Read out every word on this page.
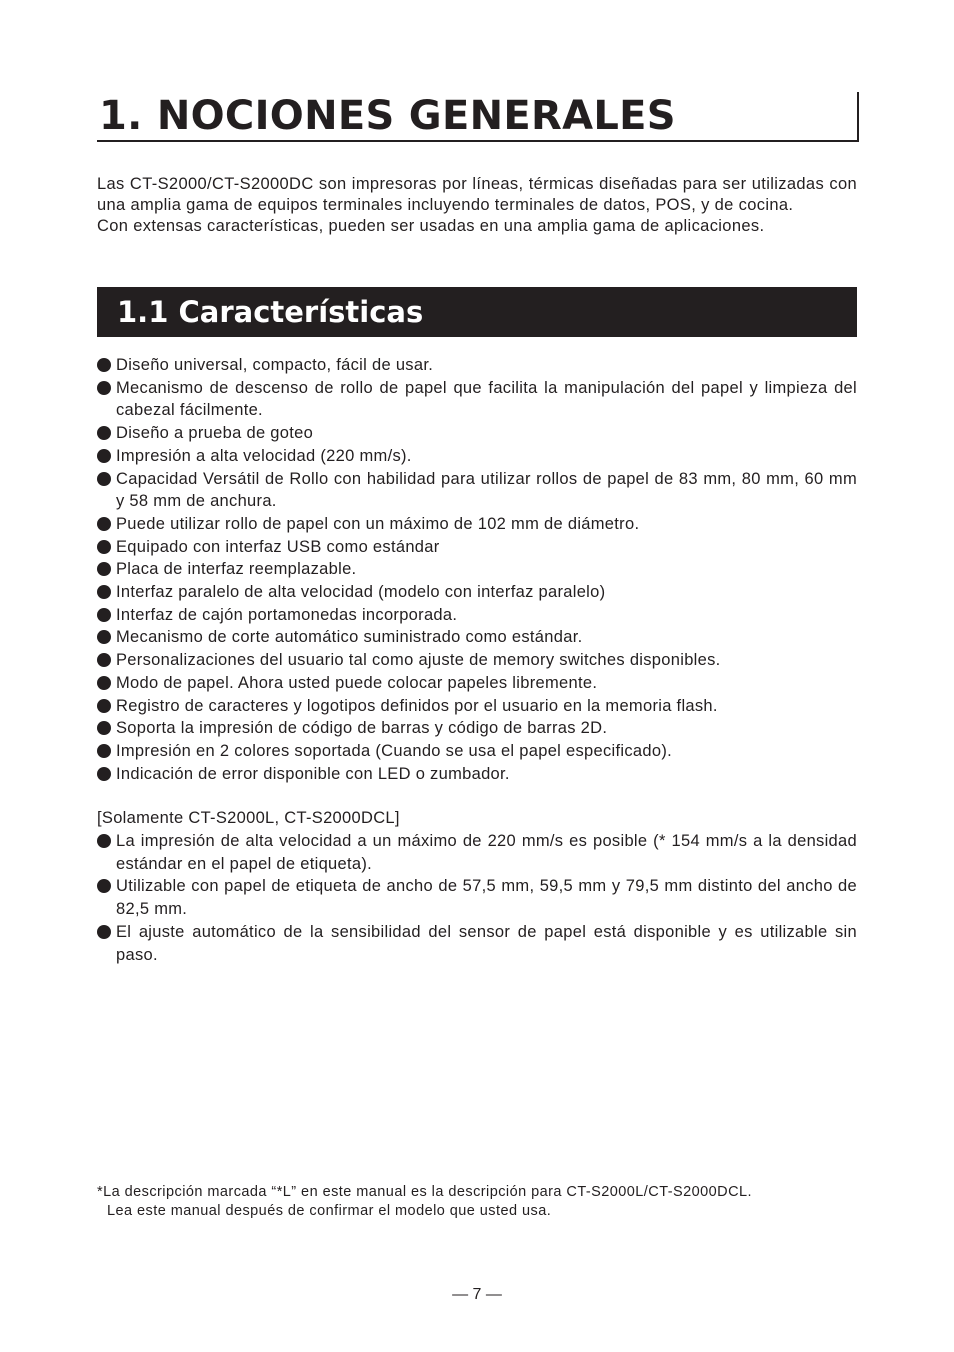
1. NOCIONES GENERALES

Las CT-S2000/CT-S2000DC son impresoras por líneas, térmicas diseñadas para ser utilizadas con una amplia gama de equipos terminales incluyendo terminales de datos, POS, y de cocina.

Con extensas características, pueden ser usadas en una amplia gama de aplicaciones.

1.1 Características
Diseño universal, compacto, fácil de usar.
Mecanismo de descenso de rollo de papel que facilita la manipulación del papel y limpieza del cabezal fácilmente.
Diseño a prueba de goteo
Impresión a alta velocidad (220 mm/s).
Capacidad Versátil de Rollo con habilidad para utilizar rollos de papel de 83 mm, 80 mm, 60 mm y 58 mm de anchura.
Puede utilizar rollo de papel con un máximo de 102 mm de diámetro.
Equipado con interfaz USB como estándar
Placa de interfaz reemplazable.
Interfaz paralelo de alta velocidad (modelo con interfaz paralelo)
Interfaz de cajón portamonedas incorporada.
Mecanismo de corte automático suministrado como estándar.
Personalizaciones del usuario tal como ajuste de memory switches disponibles.
Modo de papel. Ahora usted puede colocar papeles libremente.
Registro de caracteres y logotipos definidos por el usuario en la memoria flash.
Soporta la impresión de código de barras y código de barras 2D.
Impresión en 2 colores soportada (Cuando se usa el papel especificado).
Indicación de error disponible con LED o zumbador.
[Solamente CT-S2000L, CT-S2000DCL]
La impresión de alta velocidad a un máximo de 220 mm/s es posible (* 154 mm/s a la densidad estándar en el papel de etiqueta).
Utilizable con papel de etiqueta de ancho de 57,5 mm, 59,5 mm y 79,5 mm distinto del ancho de 82,5 mm.
El ajuste automático de la sensibilidad del sensor de papel está disponible y es utilizable sin paso.
*La descripción marcada “*L” en este manual es la descripción para CT-S2000L/CT-S2000DCL.
Lea este manual después de confirmar el modelo que usted usa.
— 7 —
